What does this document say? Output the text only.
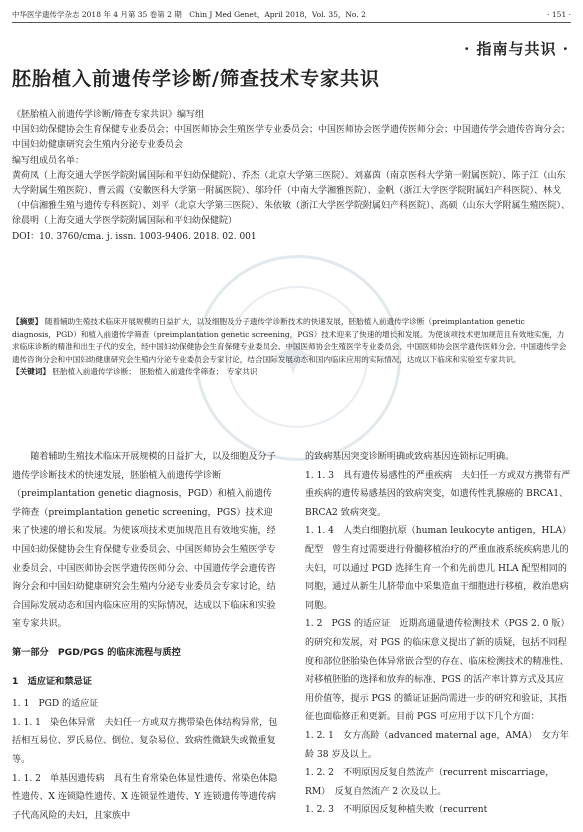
✦
中华医学遗传学杂志 2018 年 4 月第 35 卷第 2 期　Chin J Med Genet，April 2018，Vol. 35，No. 2	· 151 ·
· 指南与共识 ·
胚胎植入前遗传学诊断/筛查技术专家共识

《胚胎植入前遗传学诊断/筛查专家共识》编写组

中国妇幼保健协会生育保健专业委员会；中国医师协会生殖医学专业委员会；中国医师协会医学遗传医师分会；中国遗传学会遗传咨询分会；中国妇幼健康研究会生殖内分泌专业委员会

编写组成员名单：

黄荷凤（上海交通大学医学院附属国际和平妇幼保健院）、乔杰（北京大学第三医院）、刘嘉茵（南京医科大学第一附属医院）、陈子江（山东大学附属生殖医院）、曹云霞（安徽医科大学第一附属医院）、邬玲仟（中南大学湘雅医院）、金帆（浙江大学医学院附属妇产科医院）、林戈（中信湘雅生殖与遗传专科医院）、刘平（北京大学第三医院）、朱依敏（浙江大学医学院附属妇产科医院）、高硕（山东大学附属生殖医院）、徐晨明（上海交通大学医学院附属国际和平妇幼保健院）

DOI：10. 3760/cma. j. issn. 1003-9406. 2018. 02. 001

【摘要】 随着辅助生殖技术临床开展规模的日益扩大，以及细胞及分子遗传学诊断技术的快速发展，胚胎植入前遗传学诊断（preimplantation genetic diagnosis，PGD）和植入前遗传学筛查（preimplantation genetic screening，PGS）技术迎来了快速的增长和发展。为使该项技术更加规范且有效地实施，力求临床诊断的精准和出生子代的安全，经中国妇幼保健协会生育保健专业委员会、中国医师协会生殖医学专业委员会、中国医师协会医学遗传医师分会、中国遗传学会遗传咨询分会和中国妇幼健康研究会生殖内分泌专业委员会专家讨论，结合国际发展动态和国内临床应用的实际情况，达成以下临床和实验室专家共识。

【关键词】 胚胎植入前遗传学诊断；　胚胎植入前遗传学筛查；　专家共识

随着辅助生殖技术临床开展规模的日益扩大，以及细胞及分子遗传学诊断技术的快速发展，胚胎植入前遗传学诊断（preimplantation genetic diagnosis，PGD）和植入前遗传学筛查（preimplantation genetic screening，PGS）技术迎来了快速的增长和发展。为使该项技术更加规范且有效地实施，经中国妇幼保健协会生育保健专业委员会、中国医师协会生殖医学专业委员会、中国医师协会医学遗传医师分会、中国遗传学会遗传咨询分会和中国妇幼健康研究会生殖内分泌专业委员会专家讨论，结合国际发展动态和国内临床应用的实际情况，达成以下临床和实验室专家共识。

第一部分　PGD/PGS 的临床流程与质控

1　适应证和禁忌证

1. 1　PGD 的适应证

1. 1. 1　染色体异常　夫妇任一方或双方携带染色体结构异常，包括相互易位、罗氏易位、倒位、复杂易位、致病性微缺失或微重复等。

1. 1. 2　单基因遗传病　具有生育常染色体显性遗传、常染色体隐性遗传、X 连锁隐性遗传、X 连锁显性遗传、Y 连锁遗传等遗传病子代高风险的夫妇，且家族中

的致病基因突变诊断明确或致病基因连锁标记明确。

1. 1. 3　具有遗传易感性的严重疾病　夫妇任一方或双方携带有严重疾病的遗传易感基因的致病突变，如遗传性乳腺癌的 BRCA1、BRCA2 致病突变。

1. 1. 4　人类白细胞抗原（human leukocyte antigen，HLA）配型　曾生育过需要进行骨髓移植治疗的严重血液系统疾病患儿的夫妇，可以通过 PGD 选择生育一个和先前患儿 HLA 配型相同的同胞，通过从新生儿脐带血中采集造血干细胞进行移植，救治患病同胞。

1. 2　PGS 的适应证　近期高通量遗传检测技术（PGS 2. 0 版）的研究和发展，对 PGS 的临床意义提出了新的质疑，包括不同程度和部位胚胎染色体异常嵌合型的存在、临床检测技术的精准性、对移植胚胎的选择和放弃的标准、PGS 的活产率计算方式及其应用价值等，提示 PGS 的循证证据尚需进一步的研究和验证，其指征也面临修正和更新。目前 PGS 可应用于以下几个方面：

1. 2. 1　女方高龄（advanced maternal age，AMA）　女方年龄 38 岁及以上。

1. 2. 2　不明原因反复自然流产（recurrent miscarriage，RM）　反复自然流产 2 次及以上。

1. 2. 3　不明原因反复种植失败（recurrent
